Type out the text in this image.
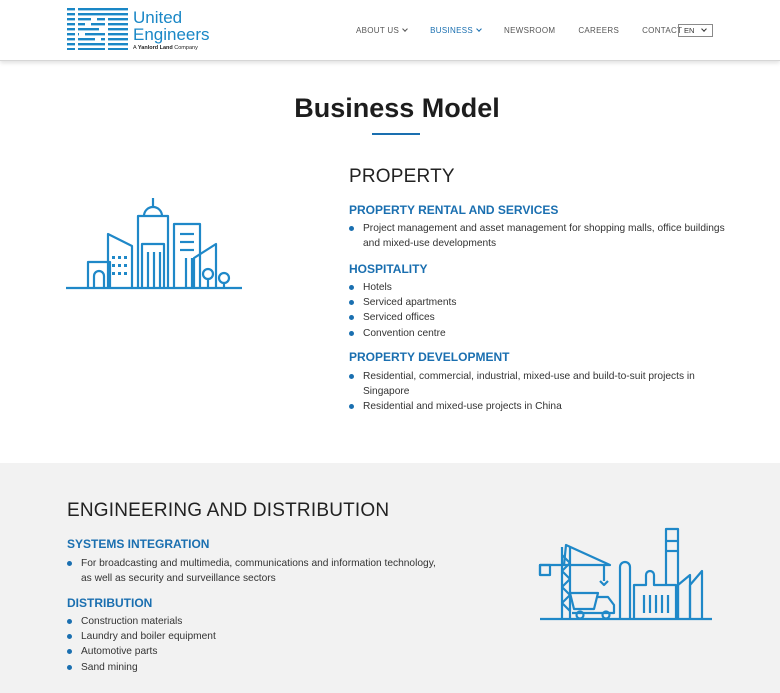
United
Engineers
A Yanlord Land Company
ABOUT US	BUSINESS	NEWSROOM	CAREERS	CONTACT EN
Business Model
PROPERTY
PROPERTY RENTAL AND SERVICES
Project management and asset management for shopping malls, office buildings and mixed-use developments
HOSPITALITY
Hotels
Serviced apartments
Serviced offices
Convention centre
PROPERTY DEVELOPMENT
Residential, commercial, industrial, mixed-use and build-to-suit projects in Singapore
Residential and mixed-use projects in China
ENGINEERING AND DISTRIBUTION
SYSTEMS INTEGRATION
For broadcasting and multimedia, communications and information technology, as well as security and surveillance sectors
DISTRIBUTION
Construction materials
Laundry and boiler equipment
Automotive parts
Sand mining
